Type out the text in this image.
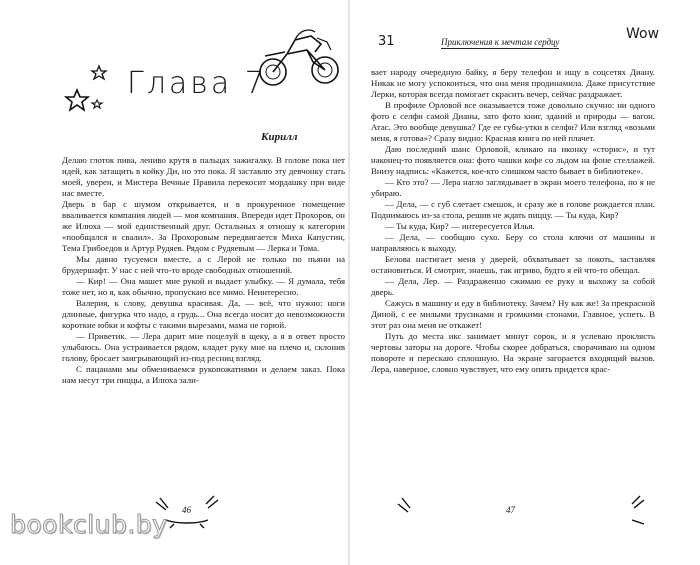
Глава 7
Кирилл

Делаю глоток пива, лениво крутя в пальцах зажигалку. В голове пока нет идей, как затащить в койку Ди, но это пока. Я заставлю эту девчонку стать моей, уверен, и Мистера Вечные Правила перекосит мордашку при виде нас вместе.

Дверь в бар с шумом открывается, и в прокуренное помещение вваливается компания людей — моя компания. Впереди идет Прохоров, он же Илюха — мой единственный друг. Остальных я отношу к категории «пообщался и свалил». За Прохоровым передвигается Миха Капустин, Тема Грибоедов и Артур Рудяев. Рядом с Рудяевым — Лерка и Тома.

Мы давно тусуемся вместе, а с Лерой не только по пьяни на брудершафт. У нас с ней что-то вроде свободных отношений.

— Кир! — Она машет мне рукой и выдает улыбку. — Я думала, тебя тоже нет, но я, как обычно, пропускаю все мимо. Неинтересно.

Валерия, к слову, девушка красивая. Да, — всё, что нужно: ноги длинные, фигурка что надо, а грудь... Она всегда носит до невозможности короткие юбки и кофты с такими вырезами, мама не горюй.

— Приветик. — Лера дарит мне поцелуй в щеку, а я в ответ просто улыбаюсь. Она устраивается рядом, кладет руку мне на плечо и, склонив голову, бросает заигрывающий из-под ресниц взгляд.

С пацанами мы обмениваемся рукопожатиями и делаем заказ. Пока нам несут три пиццы, а Илюха зали-

46
31	Приключения к мечтам сердцу	Wow

вает народу очередную байку, я беру телефон и ищу в соцсетях Диану. Никак не могу успокоиться, что она меня продинамила. Даже присутствие Лерки, которая всегда помогает скрасить вечер, сейчас раздражает.

В профиле Орловой все оказывается тоже довольно скучно: ни одного фото с селфи самой Дианы, зато фото книг, зданий и природы — вагон. Атас. Это вообще девушка? Где ее губы-утки в селфи? Или взгляд «возьми меня, я готова»? Сразу видно: Красная книга по ней плачет.

Даю последний шанс Орловой, кликаю на иконку «сторис», и тут наконец-то появляется она: фото чашки кофе со льдом на фоне стеллажей. Внизу надпись: «Кажется, кое-кто слишком часто бывает в библиотеке».

— Кто это? — Лера нагло заглядывает в экран моего телефона, но я не убираю.

— Дела, — с губ слетает смешок, и сразу же в голове рождается план. Поднимаюсь из-за стола, решив не ждать пиццу. — Ты куда, Кир?

— Ты куда, Кир? — интересуется Илья.

— Дела, — сообщаю сухо. Беру со стола ключи от машины и направляюсь к выходу.

Белова настигает меня у дверей, обхватывает за локоть, заставляя остановиться. И смотрит, знаешь, так игриво, будто я ей что-то обещал.

— Дела, Лер. — Раздраженно сжимаю ее руку и выхожу за собой дверь.

Сажусь в машину и еду в библиотеку. Зачем? Ну как же! За прекрасной Диной, с ее милыми трусиками и громкими стонами. Главное, успеть. В этот раз она меня не откажет!

Путь до места икс занимает минут сорок, и я успеваю проклясть чертовы заторы на дороге. Чтобы скорее добраться, сворачиваю на одном повороте и перескаю сплошную. На экране загорается входящий вызов. Лера, наверное, словно чувствует, что ему опять придется крас-

47
bookclub.by
